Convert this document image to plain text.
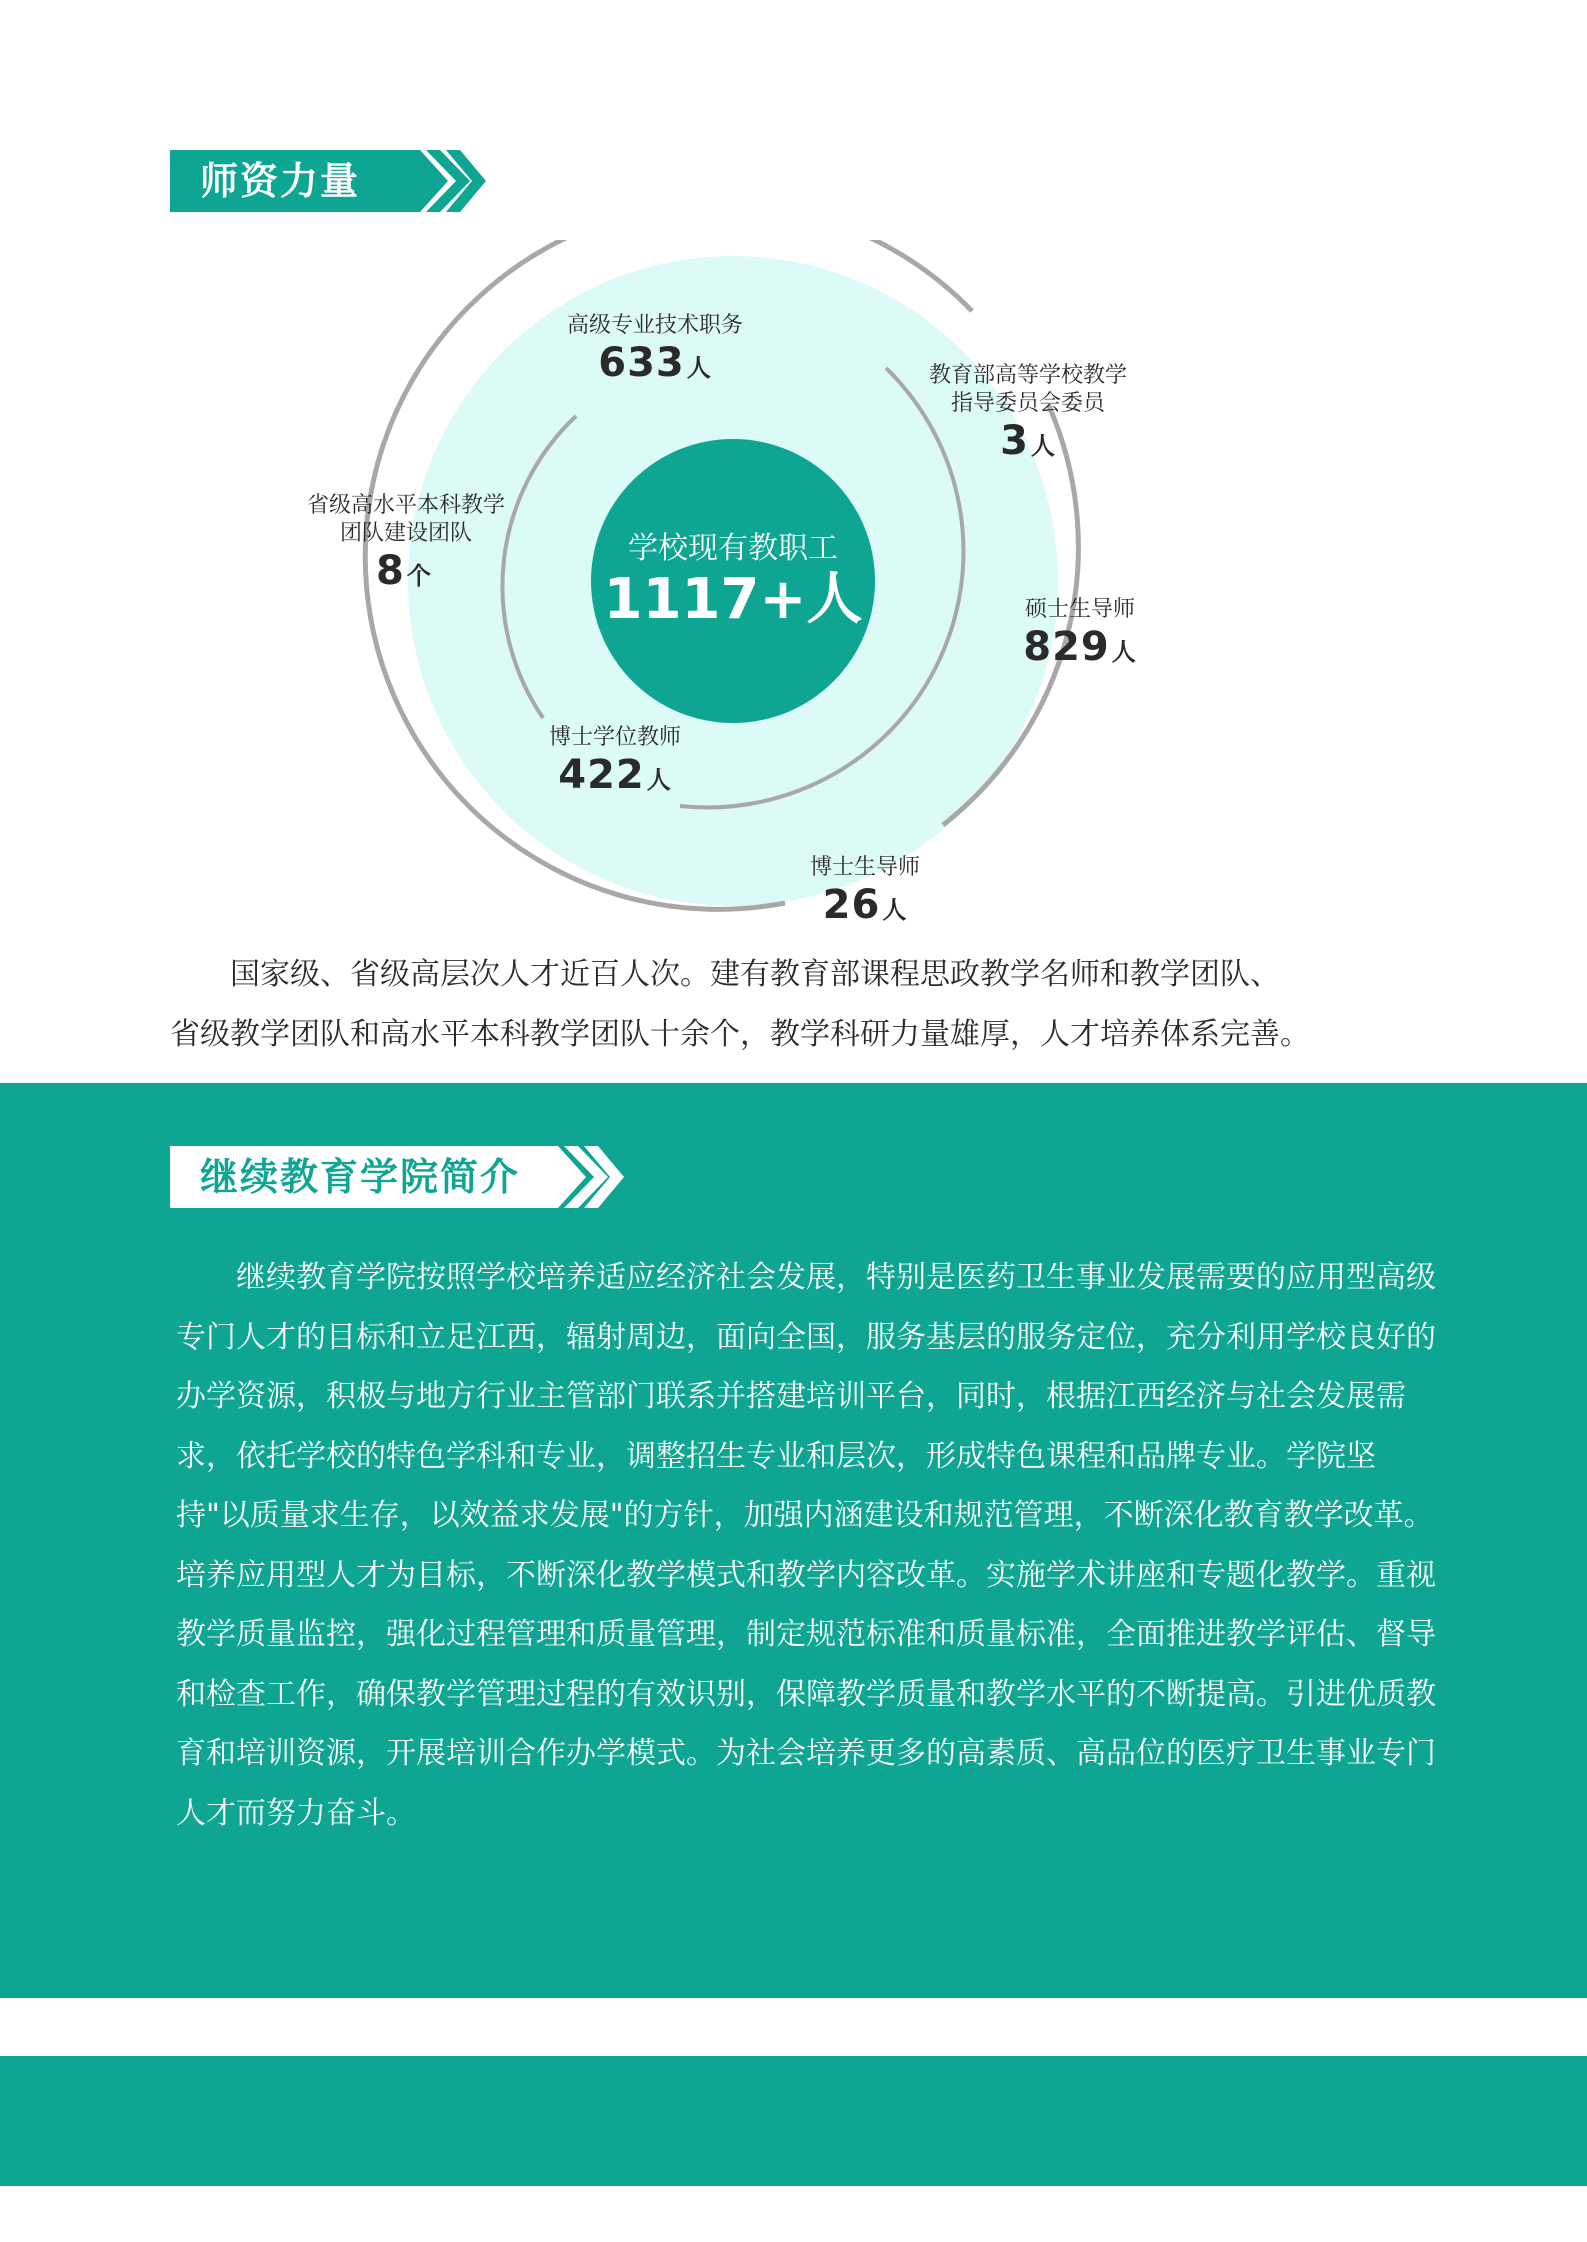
师资力量
学校现有教职工
1117+人
高级专业技术职务
633人	教育部高等学校教学
指导委员会委员
3人
省级高水平本科教学
团队建设团队
8个
硕士生导师
829人
博士学位教师
422人
博士生导师
26人

国家级、省级高层次人才近百人次。建有教育部课程思政教学名师和教学团队、

省级教学团队和高水平本科教学团队十余个，教学科研力量雄厚，人才培养体系完善。

继续教育学院简介

继续教育学院按照学校培养适应经济社会发展，特别是医药卫生事业发展需要的应用型高级专门人才的目标和立足江西，辐射周边，面向全国，服务基层的服务定位，充分利用学校良好的办学资源，积极与地方行业主管部门联系并搭建培训平台，同时，根据江西经济与社会发展需求，依托学校的特色学科和专业，调整招生专业和层次，形成特色课程和品牌专业。学院坚持"以质量求生存，以效益求发展"的方针，加强内涵建设和规范管理，不断深化教育教学改革。培养应用型人才为目标，不断深化教学模式和教学内容改革。实施学术讲座和专题化教学。重视教学质量监控，强化过程管理和质量管理，制定规范标准和质量标准，全面推进教学评估、督导和检查工作，确保教学管理过程的有效识别，保障教学质量和教学水平的不断提高。引进优质教育和培训资源，开展培训合作办学模式。为社会培养更多的高素质、高品位的医疗卫生事业专门人才而努力奋斗。
